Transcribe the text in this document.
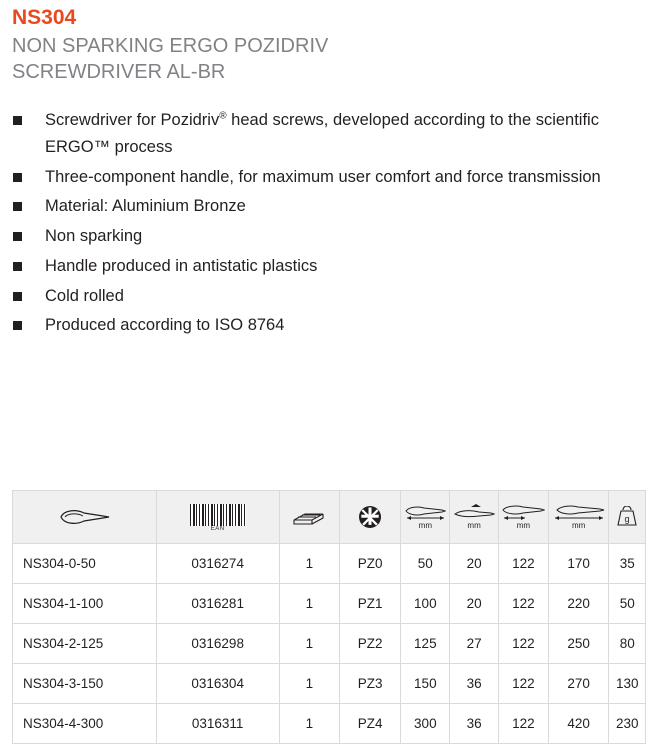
NS304
NON SPARKING ERGO POZIDRIV
SCREWDRIVER AL-BR
Screwdriver for Pozidriv® head screws, developed according to the scientific ERGO™ process
Three-component handle, for maximum user comfort and force transmission
Material: Aluminium Bronze
Non sparking
Handle produced in antistatic plastics
Cold rolled
Produced according to ISO 8764

EAN			mm	mm	mm	mm	g

NS304-0-50	0316274	1	PZ0	50	20	122	170	35
NS304-1-100	0316281	1	PZ1	100	20	122	220	50
NS304-2-125	0316298	1	PZ2	125	27	122	250	80
NS304-3-150	0316304	1	PZ3	150	36	122	270	130
NS304-4-300	0316311	1	PZ4	300	36	122	420	230
